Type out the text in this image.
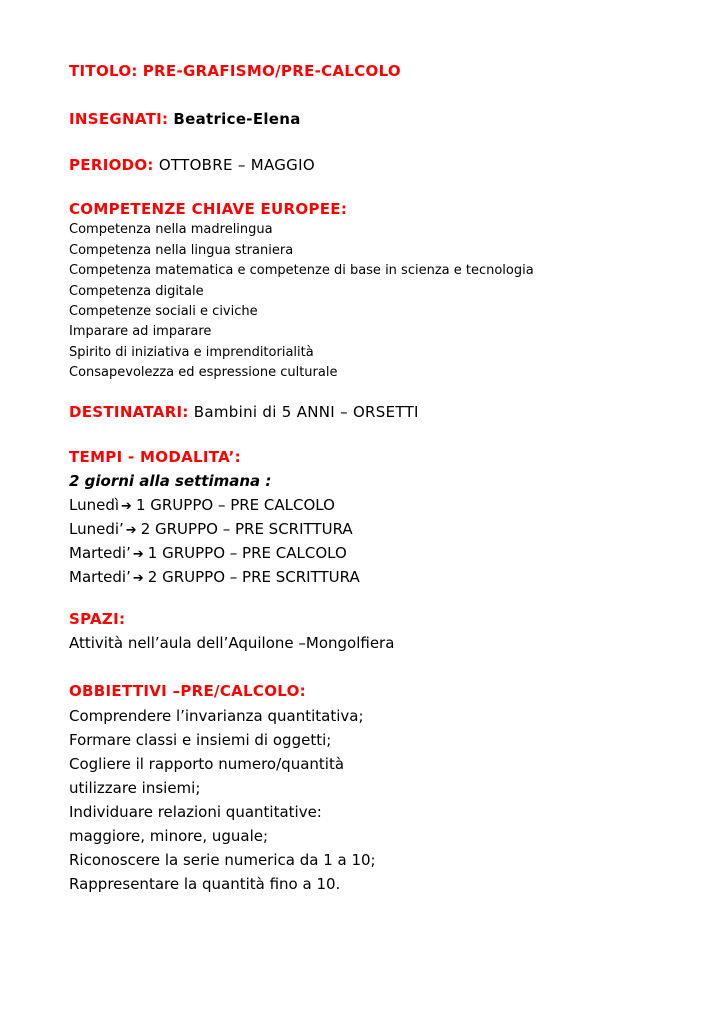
TITOLO: PRE-GRAFISMO/PRE-CALCOLO
INSEGNATI: Beatrice-Elena
PERIODO: OTTOBRE – MAGGIO
COMPETENZE CHIAVE EUROPEE:
Competenza nella madrelingua
Competenza nella lingua straniera
Competenza matematica e competenze di base in scienza e tecnologia
Competenza digitale
Competenze sociali e civiche
Imparare ad imparare
Spirito di iniziativa e imprenditorialità
Consapevolezza ed espressione culturale
DESTINATARI: Bambini di 5 ANNI – ORSETTI
TEMPI - MODALITA’:
2 giorni alla settimana :
Lunedì ➔ 1 GRUPPO – PRE CALCOLO
Lunedi’ ➔ 2 GRUPPO – PRE SCRITTURA
Martedi’ ➔ 1 GRUPPO – PRE CALCOLO
Martedi’ ➔ 2 GRUPPO – PRE SCRITTURA
SPAZI:
Attività nell’aula dell’Aquilone –Mongolfiera
OBBIETTIVI –PRE/CALCOLO:
Comprendere l’invarianza quantitativa;
Formare classi e insiemi di oggetti;
Cogliere il rapporto numero/quantità
utilizzare insiemi;
Individuare relazioni quantitative:
maggiore, minore, uguale;
Riconoscere la serie numerica da 1 a 10;
Rappresentare la quantità fino a 10.
